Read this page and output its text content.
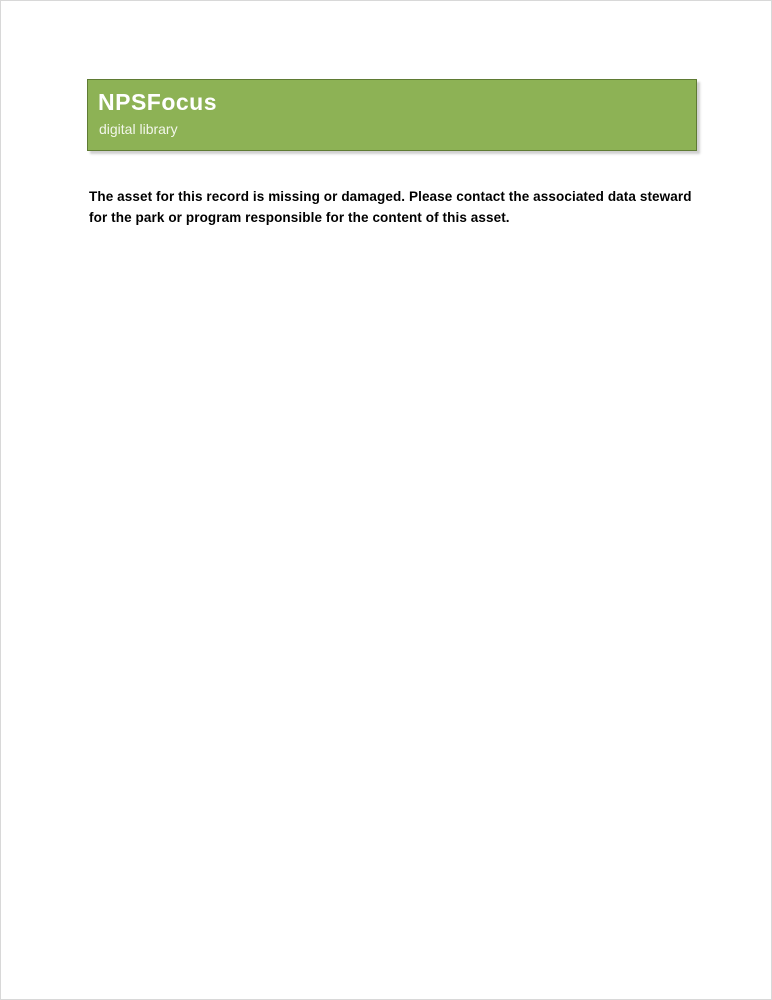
NPSFocus
digital library
The asset for this record is missing or damaged. Please contact the associated data steward
for the park or program responsible for the content of this asset.
